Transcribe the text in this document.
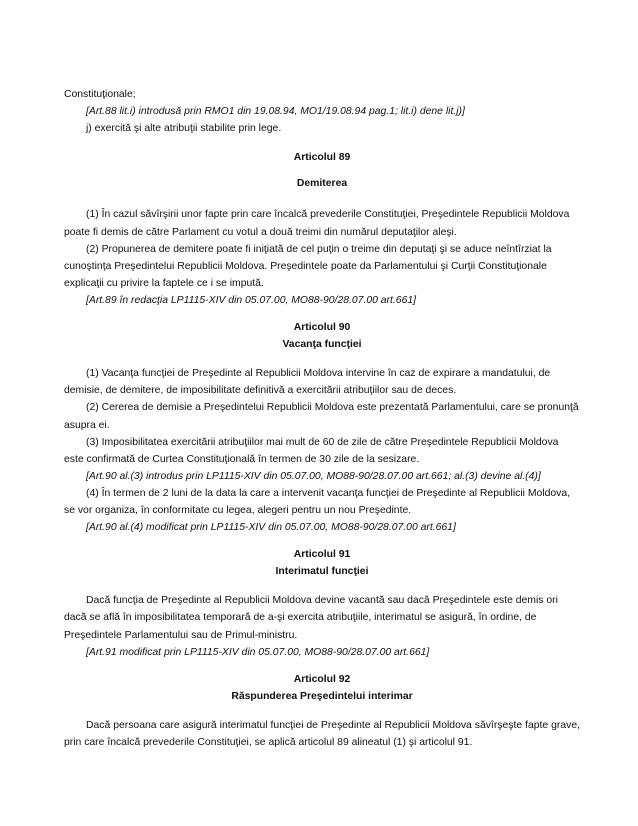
Constituţionale;

[Art.88 lit.i) introdusă prin RMO1 din 19.08.94, MO1/19.08.94 pag.1; lit.i) dene lit.j)]

j) exercită şi alte atribuţii stabilite prin lege.

Articolul 89

Demiterea

(1) În cazul săvîrşirii unor fapte prin care încalcă prevederile Constituţiei, Preşedintele Republicii Moldova poate fi demis de către Parlament cu votul a două treimi din numărul deputaţilor aleşi.

(2) Propunerea de demitere poate fi iniţiată de cel puţin o treime din deputaţi şi se aduce neîntîrziat la cunoştinţa Preşedintelui Republicii Moldova. Preşedintele poate da Parlamentului şi Curţii Constituţionale explicaţii cu privire la faptele ce i se impută.

[Art.89 în redacţia LP1115-XIV din 05.07.00, MO88-90/28.07.00 art.661]

Articolul 90

Vacanţa funcţiei

(1) Vacanţa funcţiei de Preşedinte al Republicii Moldova intervine în caz de expirare a mandatului, de demisie, de demitere, de imposibilitate definitivă a exercitării atribuţiilor sau de deces.

(2) Cererea de demisie a Preşedintelui Republicii Moldova este prezentată Parlamentului, care se pronunţă asupra ei.

(3) Imposibilitatea exercitării atribuţiilor mai mult de 60 de zile de către Preşedintele Republicii Moldova este confirmată de Curtea Constituţională în termen de 30 zile de la sesizare.

[Art.90 al.(3) introdus prin LP1115-XIV din 05.07.00, MO88-90/28.07.00 art.661; al.(3) devine al.(4)]

(4) În termen de 2 luni de la data la care a intervenit vacanţa funcţiei de Preşedinte al Republicii Moldova, se vor organiza, în conformitate cu legea, alegeri pentru un nou Preşedinte.

[Art.90 al.(4) modificat prin LP1115-XIV din 05.07.00, MO88-90/28.07.00 art.661]

Articolul 91

Interimatul funcţiei

Dacă funcţia de Preşedinte al Republicii Moldova devine vacantă sau dacă Preşedintele este demis ori dacă se află în imposibilitatea temporară de a-şi exercita atribuţiile, interimatul se asigură, în ordine, de Preşedintele Parlamentului sau de Primul-ministru.

[Art.91 modificat prin LP1115-XIV din 05.07.00, MO88-90/28.07.00 art.661]

Articolul 92

Răspunderea Preşedintelui interimar

Dacă persoana care asigură interimatul funcţiei de Preşedinte al Republicii Moldova săvîrşeşte fapte grave, prin care încalcă prevederile Constituţiei, se aplică articolul 89 alineatul (1) şi articolul 91.
